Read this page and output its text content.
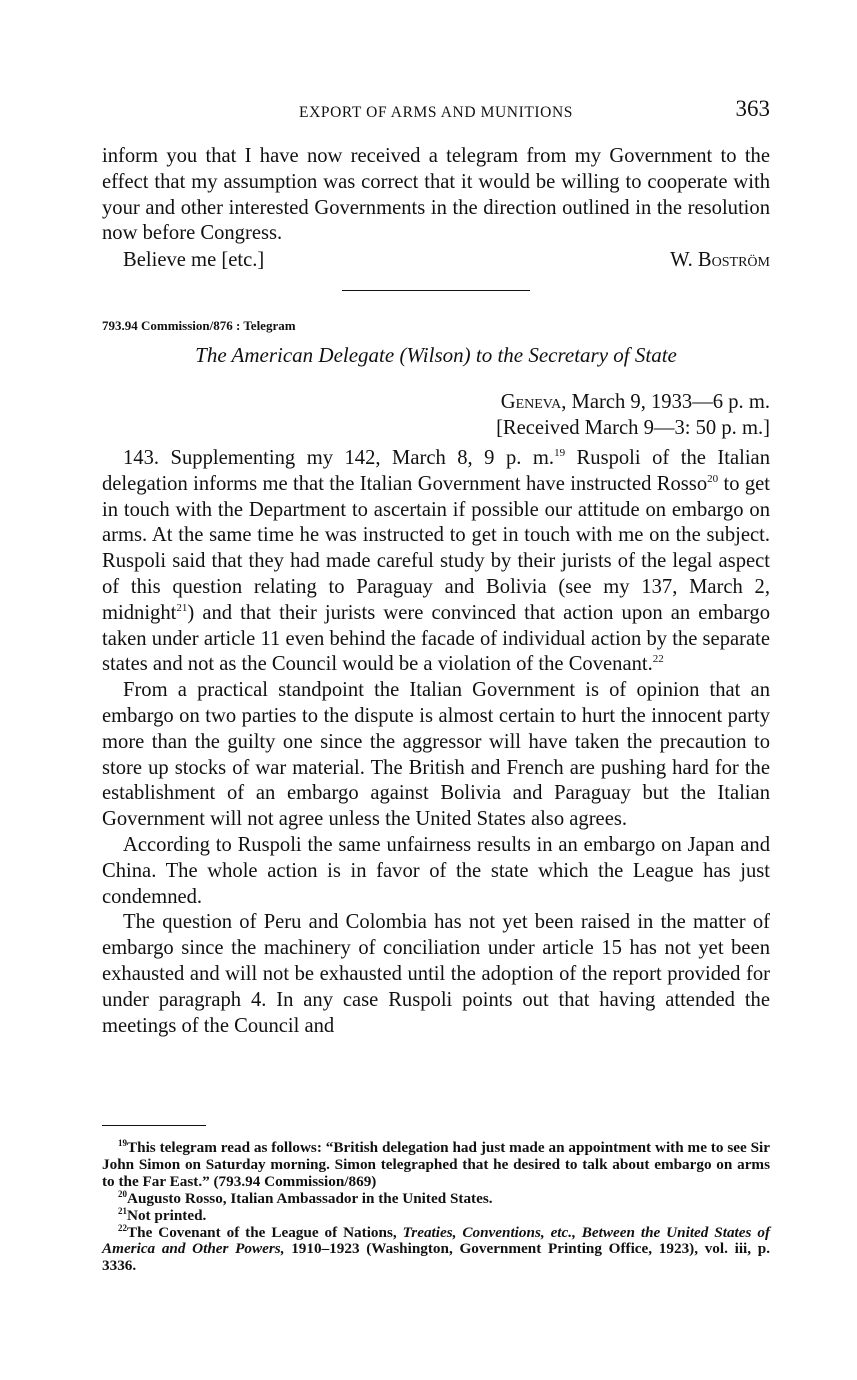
EXPORT OF ARMS AND MUNITIONS	363

inform you that I have now received a telegram from my Government to the effect that my assumption was correct that it would be willing to cooperate with your and other interested Governments in the direction outlined in the resolution now before Congress.

Believe me [etc.]	W. Boström
793.94 Commission/876 : Telegram
The American Delegate (Wilson) to the Secretary of State
Geneva, March 9, 1933—6 p. m.
[Received March 9—3: 50 p. m.]

143. Supplementing my 142, March 8, 9 p. m.$^{19}$ Ruspoli of the Italian delegation informs me that the Italian Government have instructed Rosso$^{20}$ to get in touch with the Department to ascertain if possible our attitude on embargo on arms. At the same time he was instructed to get in touch with me on the subject. Ruspoli said that they had made careful study by their jurists of the legal aspect of this question relating to Paraguay and Bolivia (see my 137, March 2, midnight$^{21}$) and that their jurists were convinced that action upon an embargo taken under article 11 even behind the facade of individual action by the separate states and not as the Council would be a violation of the Covenant.$^{22}$

From a practical standpoint the Italian Government is of opinion that an embargo on two parties to the dispute is almost certain to hurt the innocent party more than the guilty one since the aggressor will have taken the precaution to store up stocks of war material. The British and French are pushing hard for the establishment of an embargo against Bolivia and Paraguay but the Italian Government will not agree unless the United States also agrees.

According to Ruspoli the same unfairness results in an embargo on Japan and China. The whole action is in favor of the state which the League has just condemned.

The question of Peru and Colombia has not yet been raised in the matter of embargo since the machinery of conciliation under article 15 has not yet been exhausted and will not be exhausted until the adoption of the report provided for under paragraph 4. In any case Ruspoli points out that having attended the meetings of the Council and

$^{19}$This telegram read as follows: “British delegation had just made an appointment with me to see Sir John Simon on Saturday morning. Simon telegraphed that he desired to talk about embargo on arms to the Far East.” (793.94 Commission/869)

$^{20}$Augusto Rosso, Italian Ambassador in the United States.

$^{21}$Not printed.

$^{22}$The Covenant of the League of Nations, Treaties, Conventions, etc., Between the United States of America and Other Powers, 1910–1923 (Washington, Government Printing Office, 1923), vol. iii, p. 3336.
